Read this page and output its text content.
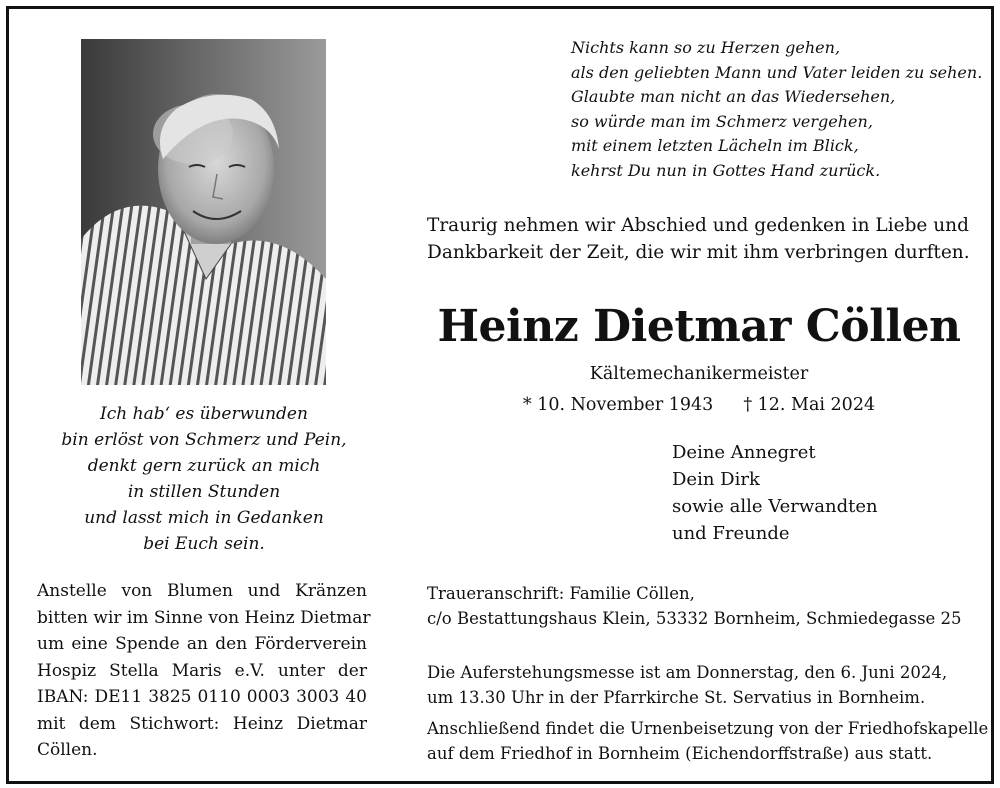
Ich hab‘ es überwunden
bin erlöst von Schmerz und Pein,
denkt gern zurück an mich
in stillen Stunden
und lasst mich in Gedanken
bei Euch sein.

Anstelle von Blumen und Kränzen
bitten wir im Sinne von Heinz Dietmar
um eine Spende an den Förderverein
Hospiz Stella Maris e.V. unter der
IBAN: DE11 3825 0110 0003 3003 40
mit dem Stichwort: Heinz Dietmar
Cöllen.

Nichts kann so zu Herzen gehen,
als den geliebten Mann und Vater leiden zu sehen.
Glaubte man nicht an das Wiedersehen,
so würde man im Schmerz vergehen,
mit einem letzten Lächeln im Blick,
kehrst Du nun in Gottes Hand zurück.

Traurig nehmen wir Abschied und gedenken in Liebe und
Dankbarkeit der Zeit, die wir mit ihm verbringen durften.
Heinz Dietmar Cöllen
Kältemechanikermeister
* 10. November 1943 † 12. Mai 2024
Deine Annegret
Dein Dirk
sowie alle Verwandten
und Freunde
Traueranschrift: Familie Cöllen,
c/o Bestattungshaus Klein, 53332 Bornheim, Schmiedegasse 25
Die Auferstehungsmesse ist am Donnerstag, den 6. Juni 2024,
um 13.30 Uhr in der Pfarrkirche St. Servatius in Bornheim.
Anschließend findet die Urnenbeisetzung von der Friedhofskapelle
auf dem Friedhof in Bornheim (Eichendorffstraße) aus statt.
